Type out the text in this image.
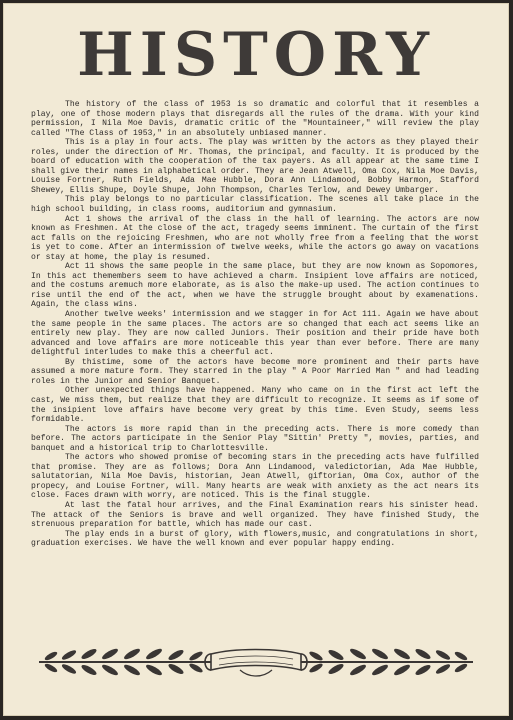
HISTORY

The history of the class of 1953 is so dramatic and colorful that it resembles a play, one of those modern plays that disregards all the rules of the drama. With your kind permission, I Nila Moe Davis, dramatic critic of the "Mountaineer," will review the play called "The Class of 1953," in an absolutely unbiased manner.

This is a play in four acts. The play was written by the actors as they played their roles, under the direction of Mr. Thomas, the principal, and faculty. It is produced by the board of education with the cooperation of the tax payers. As all appear at the same time I shall give their names in alphabetical order. They are Jean Atwell, Oma Cox, Nila Moe Davis, Louise Fortner, Ruth Fields, Ada Mae Hubble, Dora Ann Lindamood, Bobby Harmon, Stafford Shewey, Ellis Shupe, Doyle Shupe, John Thompson, Charles Terlow, and Dewey Umbarger.

This play belongs to no particular classification. The scenes all take place in the high school building, in class rooms, auditorium and gymnasium.

Act 1 shows the arrival of the class in the hall of learning. The actors are now known as Freshmen. At the close of the act, tragedy seems imminent. The curtain of the first act falls on the rejoicing Freshmen, who are not wholly free from a feeling that the worst is yet to come. After an intermission of twelve weeks, while the actors go away on vacations or stay at home, the play is resumed.

Act 11 shows the same people in the same place, but they are now known as Sopomores, In this act themembers seem to have achieved a charm. Insipient love affairs are noticed, and the costums aremuch more elaborate, as is also the make-up used. The action continues to rise until the end of the act, when we have the struggle brought about by examenations. Again, the class wins.

Another twelve weeks' intermission and we stagger in for Act 111. Again we have about the same people in the same places. The actors are so changed that each act seems like an entirely new play. They are now called Juniors. Their position and their pride have both advanced and love affairs are more noticeable this year than ever before. There are many delightful interludes to make this a cheerful act.

By thistime, some of the actors have become more prominent and their parts have assumed a more mature form. They starred in the play " A Poor Married Man " and had leading roles in the Junior and Senior Banquet.

Other unexpected things have happened. Many who came on in the first act left the cast, We miss them, but realize that they are difficult to recognize. It seems as if some of the insipient love affairs have become very great by this time. Even Study, seems less formidable.

The actors is more rapid than in the preceding acts. There is more comedy than before. The actors participate in the Senior Play "Sittin' Pretty ", movies, parties, and banquet and a historical trip to Charlottesville.

The actors who showed promise of becoming stars in the preceding acts have fulfilled that promise. They are as follows; Dora Ann Lindamood, valedictorian, Ada Mae Hubble, salutatorian, Nila Moe Davis, historian, Jean Atwell, giftorian, Oma Cox, author of the propecy, and Louise Fortner, will. Many hearts are weak with anxiety as the act nears its close. Faces drawn with worry, are noticed. This is the final stuggle.

At last the fatal hour arrives, and the Final Examination rears his sinister head. The attack of the Seniors is brave and well organized. They have finished Study, the strenuous preparation for battle, which has made our cast.

The play ends in a burst of glory, with flowers,music, and congratulations in short, graduation exercises. We have the well known and ever popular happy ending.
